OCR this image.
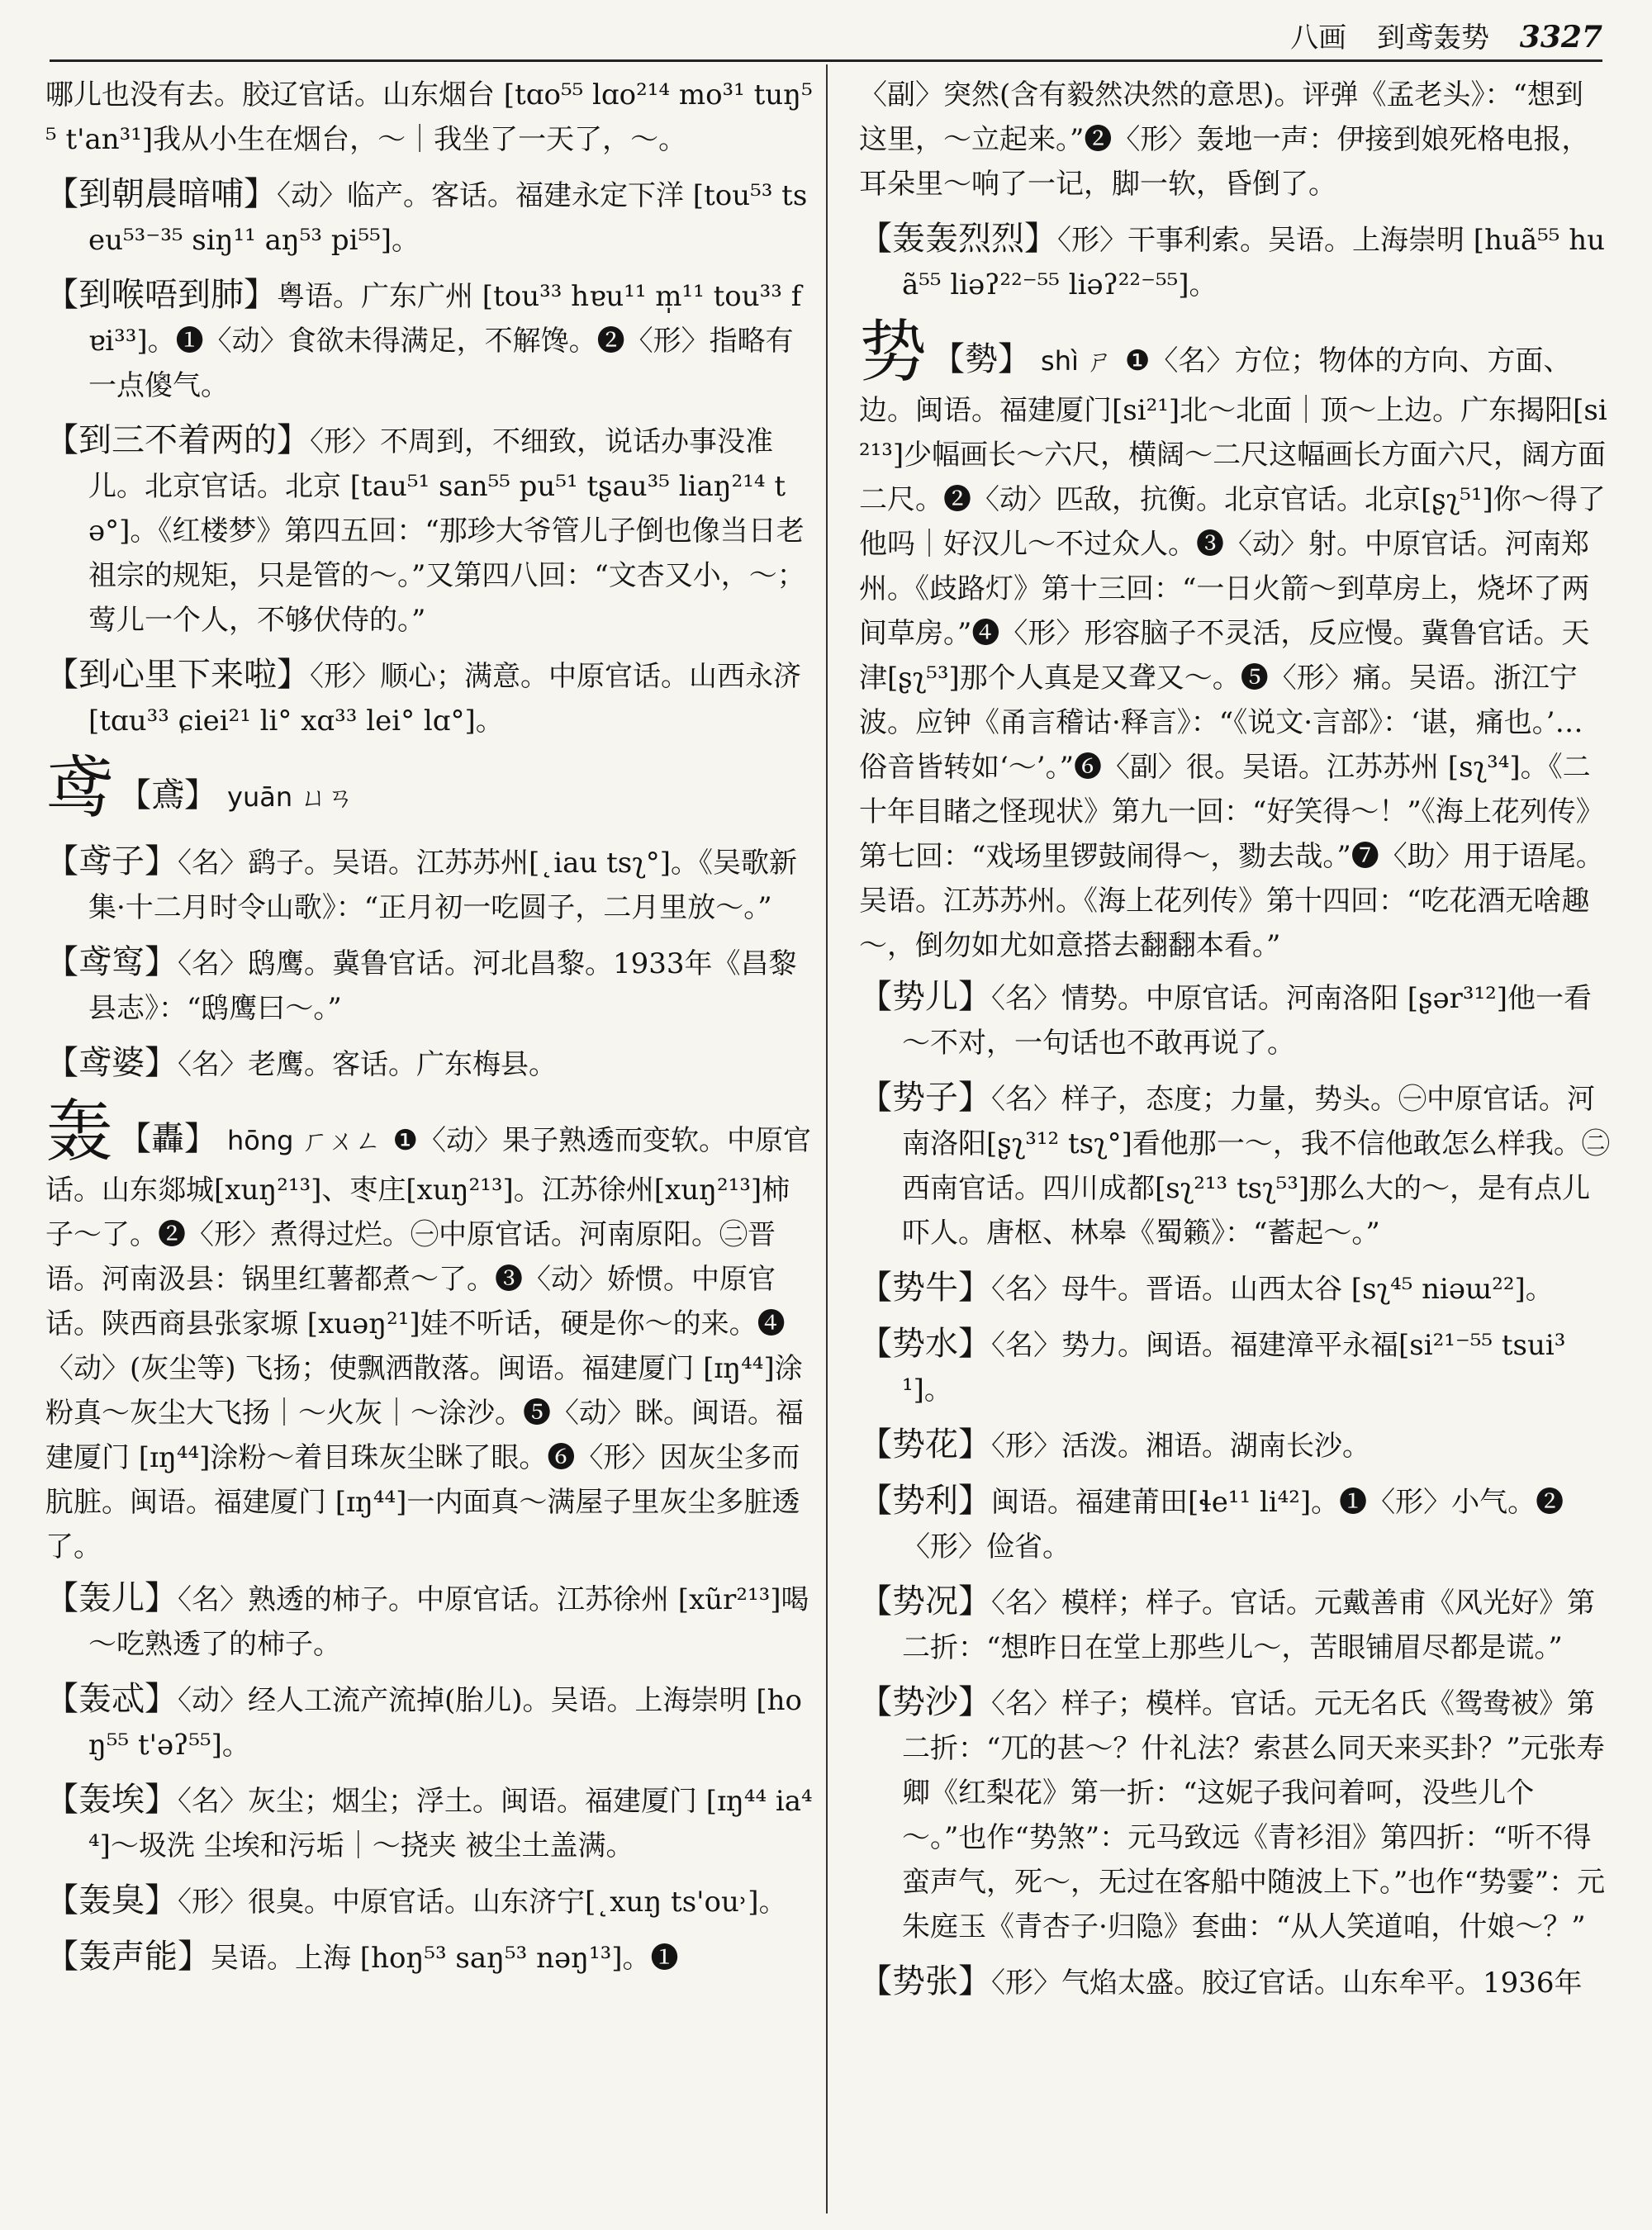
八画 到鸢轰势 3327
哪儿也没有去。胶辽官话。山东烟台 [tɑo⁵⁵ lɑo²¹⁴ mo³¹ tuŋ⁵⁵ t'an³¹]我从小生在烟台，～｜我坐了一天了，～。
【到朝晨暗哺】〈动〉临产。客话。福建永定下洋 [tou⁵³ tseu⁵³⁻³⁵ siŋ¹¹ aŋ⁵³ pi⁵⁵]。
【到喉唔到肺】粤语。广东广州 [tou³³ hɐu¹¹ m̩¹¹ tou³³ fɐi³³]。❶〈动〉食欲未得满足，不解馋。❷〈形〉指略有一点傻气。
【到三不着两的】〈形〉不周到，不细致，说话办事没准儿。北京官话。北京 [tau⁵¹ san⁵⁵ pu⁵¹ tʂau³⁵ liaŋ²¹⁴ tə°]。《红楼梦》第四五回：“那珍大爷管儿子倒也像当日老祖宗的规矩，只是管的～。”又第四八回：“文杏又小，～；莺儿一个人，不够伏侍的。”
【到心里下来啦】〈形〉顺心；满意。中原官话。山西永济[tɑu³³ ɕiei²¹ li° xɑ³³ lei° lɑ°]。
鸢 【鳶】 yuān ㄩㄢ
【鸢子】〈名〉鹞子。吴语。江苏苏州[˛iau tsʅ°]。《吴歌新集·十二月时令山歌》：“正月初一吃圆子，二月里放～。”
【鸢窎】〈名〉鸱鹰。冀鲁官话。河北昌黎。1933年《昌黎县志》：“鸱鹰曰～。”
【鸢婆】〈名〉老鹰。客话。广东梅县。
轰 【轟】 hōng ㄏㄨㄥ ❶〈动〉果子熟透而变软。中原官话。山东郯城[xuŋ²¹³]、枣庄[xuŋ²¹³]。江苏徐州[xuŋ²¹³]柿子～了。❷〈形〉煮得过烂。㊀中原官话。河南原阳。㊁晋语。河南汲县：锅里红薯都煮～了。❸〈动〉娇惯。中原官话。陕西商县张家塬 [xuəŋ²¹]娃不听话，硬是你～的来。❹〈动〉(灰尘等) 飞扬；使飘洒散落。闽语。福建厦门 [ɪŋ⁴⁴]涂粉真～灰尘大飞扬｜～火灰｜～涂沙。❺〈动〉眯。闽语。福建厦门 [ɪŋ⁴⁴]涂粉～着目珠灰尘眯了眼。❻〈形〉因灰尘多而肮脏。闽语。福建厦门 [ɪŋ⁴⁴]一内面真～满屋子里灰尘多脏透了。
【轰儿】〈名〉熟透的柿子。中原官话。江苏徐州 [xũr²¹³]喝～吃熟透了的柿子。
【轰忒】〈动〉经人工流产流掉(胎儿)。吴语。上海崇明 [hoŋ⁵⁵ t'əʔ⁵⁵]。
【轰埃】〈名〉灰尘；烟尘；浮土。闽语。福建厦门 [ɪŋ⁴⁴ ia⁴⁴]～圾洗 尘埃和污垢｜～挠夹 被尘土盖满。
【轰臭】〈形〉很臭。中原官话。山东济宁[˛xuŋ ts'ou˒]。
【轰声能】吴语。上海 [hoŋ⁵³ saŋ⁵³ nəŋ¹³]。❶
〈副〉突然(含有毅然决然的意思)。评弹《孟老头》：“想到这里，～立起来。”❷〈形〉轰地一声：伊接到娘死格电报，耳朵里～响了一记，脚一软，昏倒了。
【轰轰烈烈】〈形〉干事利索。吴语。上海崇明 [huã⁵⁵ huã⁵⁵ liəʔ²²⁻⁵⁵ liəʔ²²⁻⁵⁵]。
势 【勢】 shì ㄕ ❶〈名〉方位；物体的方向、方面、边。闽语。福建厦门[si²¹]北～北面｜顶～上边。广东揭阳[si²¹³]少幅画长～六尺，横阔～二尺这幅画长方面六尺，阔方面二尺。❷〈动〉匹敌，抗衡。北京官话。北京[ʂʅ⁵¹]你～得了他吗｜好汉儿～不过众人。❸〈动〉射。中原官话。河南郑州。《歧路灯》第十三回：“一日火箭～到草房上，烧坏了两间草房。”❹〈形〉形容脑子不灵活，反应慢。冀鲁官话。天津[ʂʅ⁵³]那个人真是又聋又～。❺〈形〉痛。吴语。浙江宁波。应钟《甬言稽诂·释言》：“《说文·言部》：‘谌，痛也。’…俗音皆转如‘～’。”❻〈副〉很。吴语。江苏苏州 [sʅ³⁴]。《二十年目睹之怪现状》第九一回：“好笑得～！”《海上花列传》第七回：“戏场里锣鼓闹得～，勠去哉。”❼〈助〉用于语尾。吴语。江苏苏州。《海上花列传》第十四回：“吃花酒无啥趣～，倒勿如尤如意搭去翻翻本看。”
【势儿】〈名〉情势。中原官话。河南洛阳 [ʂər³¹²]他一看～不对，一句话也不敢再说了。
【势子】〈名〉样子，态度；力量，势头。㊀中原官话。河南洛阳[ʂʅ³¹² tsʅ°]看他那一～，我不信他敢怎么样我。㊁西南官话。四川成都[sʅ²¹³ tsʅ⁵³]那么大的～，是有点儿吓人。唐枢、林皋《蜀籁》：“蓄起～。”
【势牛】〈名〉母牛。晋语。山西太谷 [sʅ⁴⁵ niəɯ²²]。
【势水】〈名〉势力。闽语。福建漳平永福[si²¹⁻⁵⁵ tsui³¹]。
【势花】〈形〉活泼。湘语。湖南长沙。
【势利】闽语。福建莆田[ɬe¹¹ li⁴²]。❶〈形〉小气。❷〈形〉俭省。
【势况】〈名〉模样；样子。官话。元戴善甫《风光好》第二折：“想昨日在堂上那些儿～，苦眼铺眉尽都是谎。”
【势沙】〈名〉样子；模样。官话。元无名氏《鸳鸯被》第二折：“兀的甚～？什礼法？索甚么同天来买卦？”元张寿卿《红梨花》第一折：“这妮子我问着呵，没些儿个～。”也作“势煞”：元马致远《青衫泪》第四折：“听不得蛮声气，死～，无过在客船中随波上下。”也作“势霎”：元朱庭玉《青杏子·归隐》套曲：“从人笑道咱，什娘～？”
【势张】〈形〉气焰太盛。胶辽官话。山东牟平。1936年
